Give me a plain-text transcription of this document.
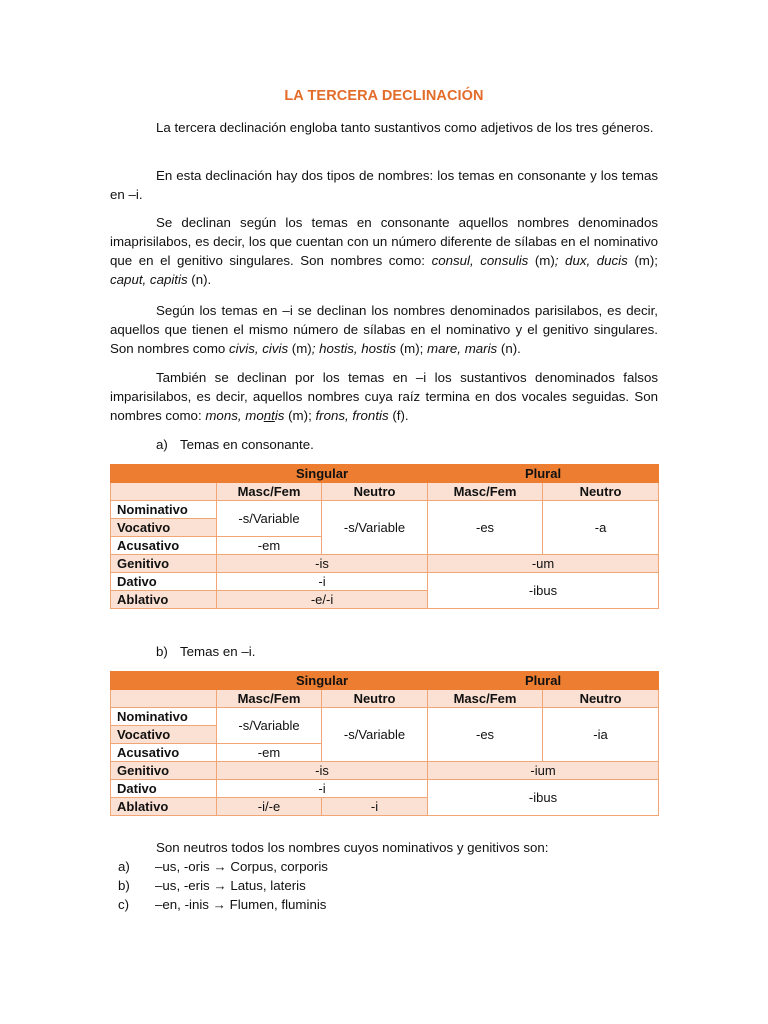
LA TERCERA DECLINACIÓN

La tercera declinación engloba tanto sustantivos como adjetivos de los tres géneros.

En esta declinación hay dos tipos de nombres: los temas en consonante y los temas en –i.

Se declinan según los temas en consonante aquellos nombres denominados imaprisilabos, es decir, los que cuentan con un número diferente de sílabas en el nominativo que en el genitivo singulares. Son nombres como: consul, consulis (m); dux, ducis (m); caput, capitis (n).

Según los temas en –i se declinan los nombres denominados parisilabos, es decir, aquellos que tienen el mismo número de sílabas en el nominativo y el genitivo singulares. Son nombres como civis, civis (m); hostis, hostis (m); mare, maris (n).

También se declinan por los temas en –i los sustantivos denominados falsos imparisilabos, es decir, aquellos nombres cuya raíz termina en dos vocales seguidas. Son nombres como: mons, montis (m); frons, frontis (f).

a) Temas en consonante.
	Singular		Plural	
	Masc/Fem	Neutro	Masc/Fem	Neutro
Nominativo	-s/Variable	-s/Variable	-es	-a
Vocativo				
Acusativo	-em			
Genitivo	-is		-um	
Dativo	-i		-ibus	
Ablativo	-e/-i			
b) Temas en –i.
	Singular		Plural	
	Masc/Fem	Neutro	Masc/Fem	Neutro
Nominativo	-s/Variable	-s/Variable	-es	-ia
Vocativo				
Acusativo	-em			
Genitivo	-is		-ium	
Dativo	-i		-ibus	
Ablativo	-i/-e	-i		

Son neutros todos los nombres cuyos nominativos y genitivos son:

a) –us, -oris → Corpus, corporis
b) –us, -eris → Latus, lateris
c) –en, -inis → Flumen, fluminis
